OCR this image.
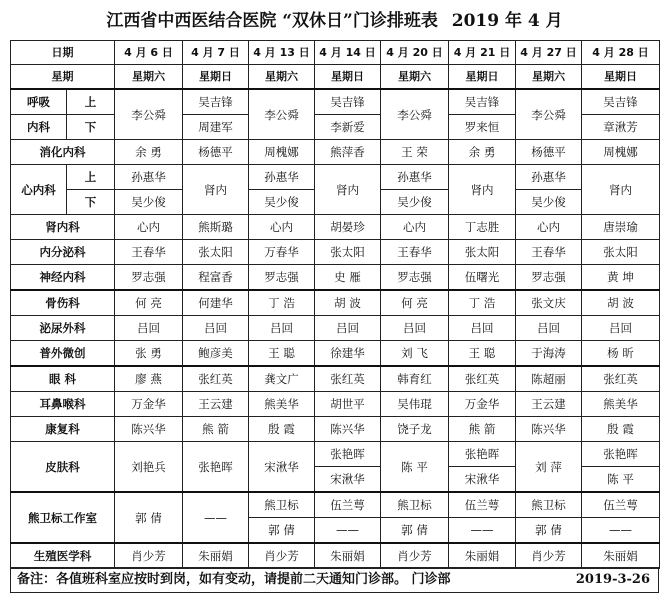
江西省中西医结合医院 “双休日”门诊排班表 2019 年 4 月
日期		4 月 6 日	4 月 7 日	4 月 13 日	4 月 14 日	4 月 20 日	4 月 21 日	4 月 27 日	4 月 28 日
星期		星期六	星期日	星期六	星期日	星期六	星期日	星期六	星期日
呼吸	上	李公舜	吴吉锋	李公舜	吴吉锋	李公舜	吴吉锋	李公舜	吴吉锋
内科	下		周建军		李新爱		罗来恒		章湫芳
消化内科		余 勇	杨德平	周槐娜	熊萍香	王 荣	余 勇	杨德平	周槐娜
心内科	上	孙惠华	肾内	孙惠华	肾内	孙惠华	肾内	孙惠华	肾内
	下	吴少俊		吴少俊		吴少俊		吴少俊	
肾内科		心内	熊斯璐	心内	胡晏珍	心内	丁志胜	心内	唐崇瑜
内分泌科		王春华	张太阳	万春华	张太阳	王春华	张太阳	王春华	张太阳
神经内科		罗志强	程富香	罗志强	史 雁	罗志强	伍曙光	罗志强	黄 坤
骨伤科		何 亮	何建华	丁 浩	胡 波	何 亮	丁 浩	张文庆	胡 波
泌尿外科		吕回	吕回	吕回	吕回	吕回	吕回	吕回	吕回
普外微创		张 勇	鲍彦美	王 聪	徐建华	刘 飞	王 聪	于海涛	杨 昕
眼 科		廖 燕	张红英	龚文广	张红英	韩育红	张红英	陈超丽	张红英
耳鼻喉科		万金华	王云建	熊美华	胡世平	吴伟琨	万金华	王云建	熊美华
康复科		陈兴华	熊 箭	殷 霞	陈兴华	饶子龙	熊 箭	陈兴华	殷 霞
皮肤科		刘艳兵	张艳晖	宋湫华	张艳晖	陈 平	张艳晖	刘 萍	张艳晖
					宋湫华		宋湫华		陈 平
熊卫标工作室		郭 倩	——	熊卫标	伍兰萼	熊卫标	伍兰萼	熊卫标	伍兰萼
				郭 倩	——	郭 倩	——	郭 倩	——
生殖医学科		肖少芳	朱丽娟	肖少芳	朱丽娟	肖少芳	朱丽娟	肖少芳	朱丽娟
备注：各值班科室应按时到岗，如有变动，请提前二天通知门诊部。 门诊部	2019-3-26
